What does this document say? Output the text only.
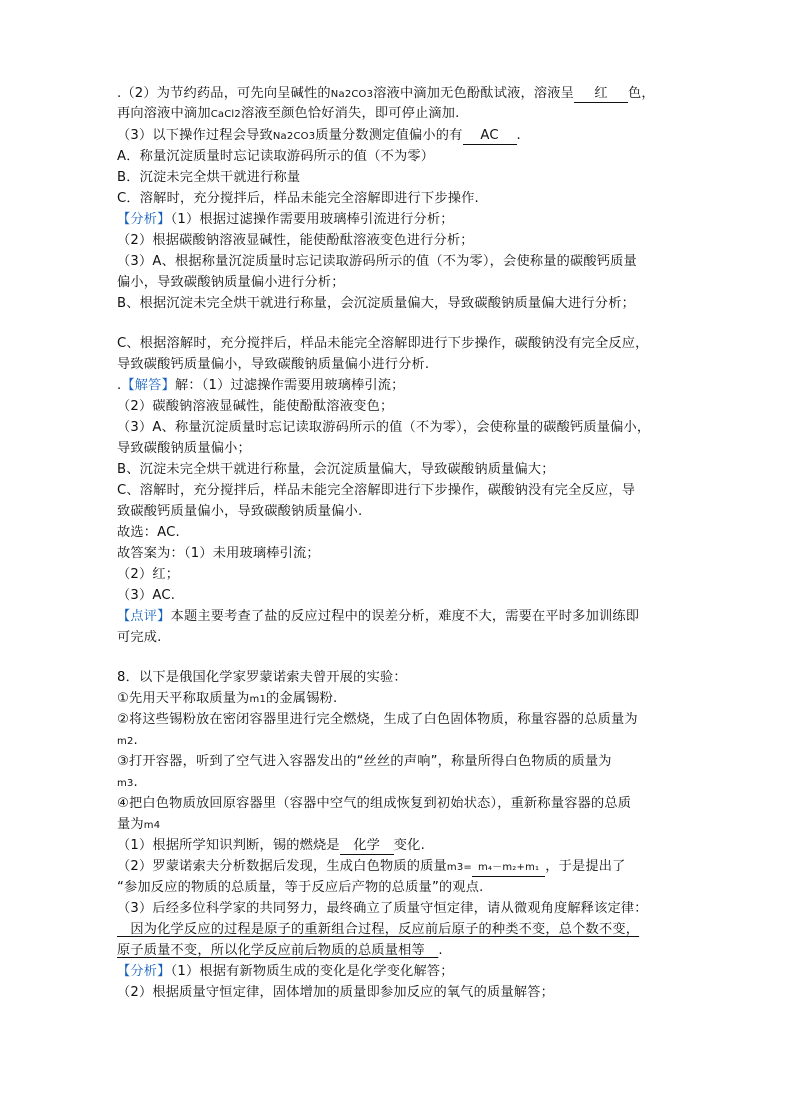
.（2）为节约药品，可先向呈碱性的Na2CO3溶液中滴加无色酚酞试液，溶液呈 红 色，
再向溶液中滴加CaCl2溶液至颜色恰好消失，即可停止滴加.
（3）以下操作过程会导致Na2CO3质量分数测定值偏小的有 AC .
A．称量沉淀质量时忘记读取游码所示的值（不为零）
B．沉淀未完全烘干就进行称量
C．溶解时，充分搅拌后，样品未能完全溶解即进行下步操作.
【分析】（1）根据过滤操作需要用玻璃棒引流进行分析；
（2）根据碳酸钠溶液显碱性，能使酚酞溶液变色进行分析；
（3）A、根据称量沉淀质量时忘记读取游码所示的值（不为零），会使称量的碳酸钙质量
偏小，导致碳酸钠质量偏小进行分析；
B、根据沉淀未完全烘干就进行称量，会沉淀质量偏大，导致碳酸钠质量偏大进行分析；
C、根据溶解时，充分搅拌后，样品未能完全溶解即进行下步操作，碳酸钠没有完全反应，
导致碳酸钙质量偏小，导致碳酸钠质量偏小进行分析.
.【解答】解：（1）过滤操作需要用玻璃棒引流；
（2）碳酸钠溶液显碱性，能使酚酞溶液变色；
（3）A、称量沉淀质量时忘记读取游码所示的值（不为零），会使称量的碳酸钙质量偏小，
导致碳酸钠质量偏小；
B、沉淀未完全烘干就进行称量，会沉淀质量偏大，导致碳酸钠质量偏大；
C、溶解时，充分搅拌后，样品未能完全溶解即进行下步操作，碳酸钠没有完全反应，导
致碳酸钙质量偏小，导致碳酸钠质量偏小.
故选：AC.
故答案为：（1）未用玻璃棒引流；
（2）红；
（3）AC.
【点评】本题主要考查了盐的反应过程中的误差分析，难度不大，需要在平时多加训练即
可完成.
8．以下是俄国化学家罗蒙诺索夫曾开展的实验：
①先用天平称取质量为m1的金属锡粉.
②将这些锡粉放在密闭容器里进行完全燃烧，生成了白色固体物质，称量容器的总质量为
m2.
③打开容器，听到了空气进入容器发出的“丝丝的声响”，称量所得白色物质的质量为
m3.
④把白色物质放回原容器里（容器中空气的组成恢复到初始状态），重新称量容器的总质
量为m4
（1）根据所学知识判断，锡的燃烧是 化学 变化.
（2）罗蒙诺索夫分析数据后发现，生成白色物质的质量m3= m₄－m₂+m₁ ，于是提出了
“参加反应的物质的总质量，等于反应后产物的总质量”的观点.
（3）后经多位科学家的共同努力，最终确立了质量守恒定律，请从微观角度解释该定律：
　因为化学反应的过程是原子的重新组合过程，反应前后原子的种类不变，总个数不变，
原子质量不变，所以化学反应前后物质的总质量相等　.
【分析】（1）根据有新物质生成的变化是化学变化解答；
（2）根据质量守恒定律，固体增加的质量即参加反应的氧气的质量解答；
